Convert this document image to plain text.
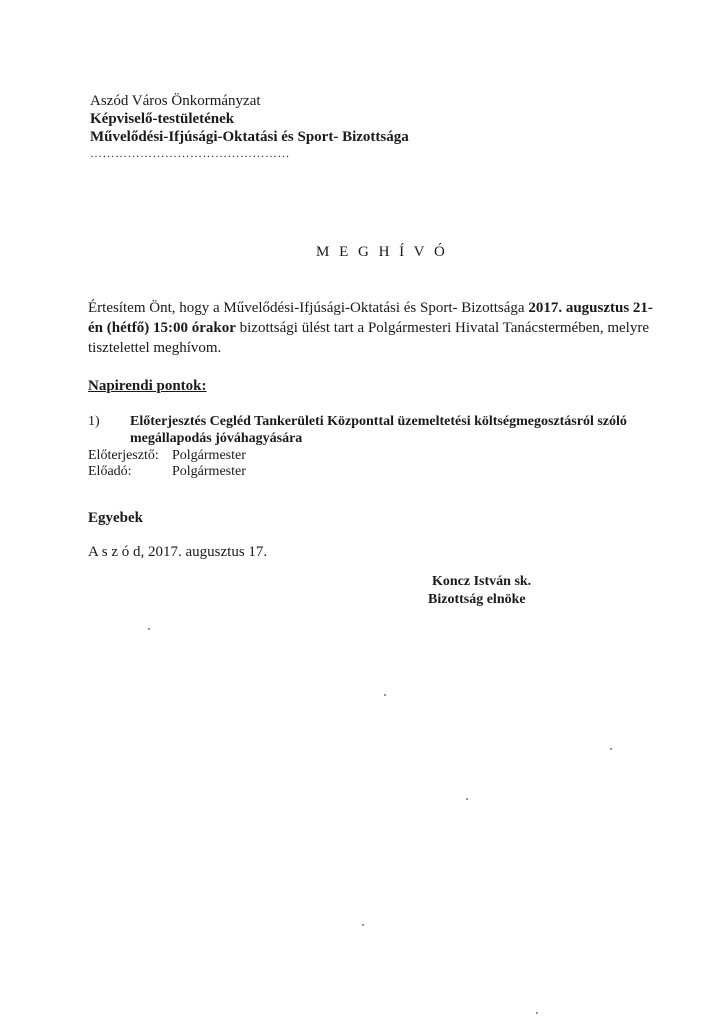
Aszód Város Önkormányzat
Képviselő-testületének
Művelődési-Ifjúsági-Oktatási és Sport- Bizottsága
…………………………………………
M E G H Í V Ó
Értesítem Önt, hogy a Művelődési-Ifjúsági-Oktatási és Sport- Bizottsága 2017. augusztus 21-
én (hétfő) 15:00 órakor bizottsági ülést tart a Polgármesteri Hivatal Tanácstermében, melyre
tisztelettel meghívom.
Napirendi pontok:
1) Előterjesztés Cegléd Tankerületi Központtal üzemeltetési költségmegosztásról szóló
megállapodás jóváhagyására
Előterjesztő: Polgármester
Előadó:	Polgármester
Egyebek
A s z ó d, 2017. augusztus 17.
Koncz István sk.
Bizottság elnöke
